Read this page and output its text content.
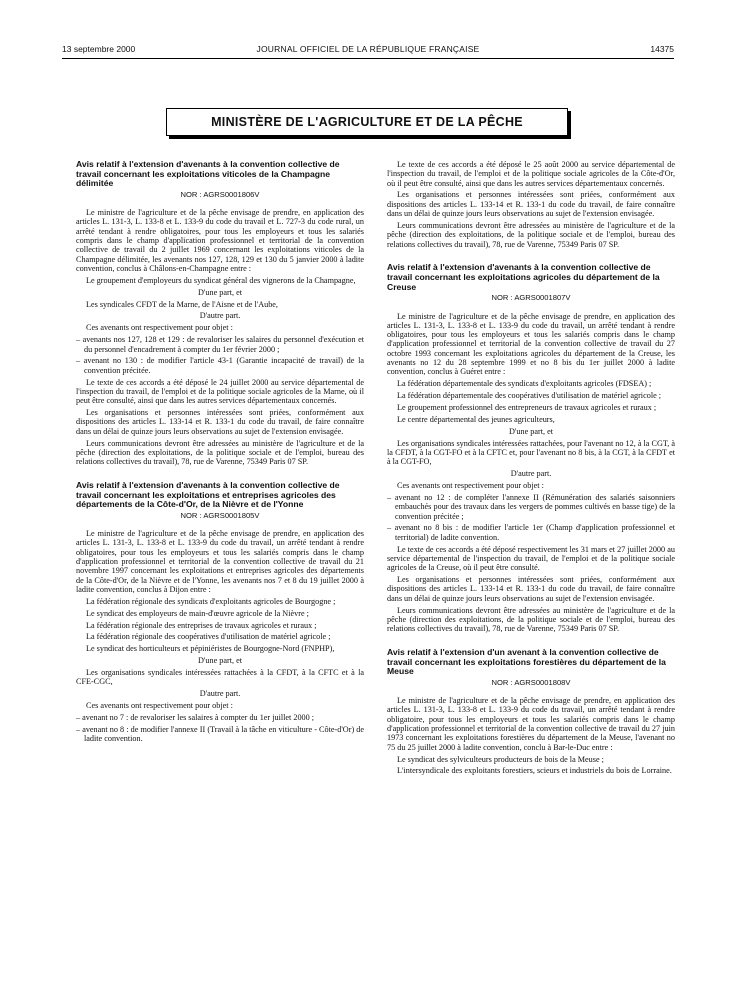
13 septembre 2000	JOURNAL OFFICIEL DE LA RÉPUBLIQUE FRANÇAISE	14375
MINISTÈRE DE L'AGRICULTURE ET DE LA PÊCHE
Avis relatif à l'extension d'avenants à la convention collective de travail concernant les exploitations viticoles de la Champagne délimitée
NOR : AGRS0001806V

Le ministre de l'agriculture et de la pêche envisage de prendre, en application des articles L. 131-3, L. 133-8 et L. 133-9 du code du travail et L. 727-3 du code rural, un arrêté tendant à rendre obligatoires, pour tous les employeurs et tous les salariés compris dans le champ d'application professionnel et territorial de la convention collective de travail du 2 juillet 1969 concernant les exploitations viticoles de la Champagne délimitée, les avenants nos 127, 128, 129 et 130 du 5 janvier 2000 à ladite convention, conclus à Châlons-en-Champagne entre :

Le groupement d'employeurs du syndicat général des vignerons de la Champagne,

D'une part, et

Les syndicales CFDT de la Marne, de l'Aisne et de l'Aube,

D'autre part.

Ces avenants ont respectivement pour objet :

– avenants nos 127, 128 et 129 : de revaloriser les salaires du personnel d'exécution et du personnel d'encadrement à compter du 1er février 2000 ;

– avenant no 130 : de modifier l'article 43-1 (Garantie incapacité de travail) de la convention précitée.

Le texte de ces accords a été déposé le 24 juillet 2000 au service départemental de l'inspection du travail, de l'emploi et de la politique sociale agricoles de la Marne, où il peut être consulté, ainsi que dans les autres services départementaux concernés.

Les organisations et personnes intéressées sont priées, conformément aux dispositions des articles L. 133-14 et R. 133-1 du code du travail, de faire connaître dans un délai de quinze jours leurs observations au sujet de l'extension envisagée.

Leurs communications devront être adressées au ministère de l'agriculture et de la pêche (direction des exploitations, de la politique sociale et de l'emploi, bureau des relations collectives du travail), 78, rue de Varenne, 75349 Paris 07 SP.

Avis relatif à l'extension d'avenants à la convention collective de travail concernant les exploitations et entreprises agricoles des départements de la Côte-d'Or, de la Nièvre et de l'Yonne
NOR : AGRS0001805V

Le ministre de l'agriculture et de la pêche envisage de prendre, en application des articles L. 131-3, L. 133-8 et L. 133-9 du code du travail, un arrêté tendant à rendre obligatoires, pour tous les employeurs et tous les salariés compris dans le champ d'application professionnel et territorial de la convention collective de travail du 21 novembre 1997 concernant les exploitations et entreprises agricoles des départements de la Côte-d'Or, de la Nièvre et de l'Yonne, les avenants nos 7 et 8 du 19 juillet 2000 à ladite convention, conclus à Dijon entre :

La fédération régionale des syndicats d'exploitants agricoles de Bourgogne ;

Le syndicat des employeurs de main-d'œuvre agricole de la Nièvre ;

La fédération régionale des entreprises de travaux agricoles et ruraux ;

La fédération régionale des coopératives d'utilisation de matériel agricole ;

Le syndicat des horticulteurs et pépiniéristes de Bourgogne-Nord (FNPHP),

D'une part, et

Les organisations syndicales intéressées rattachées à la CFDT, à la CFTC et à la CFE-CGC,

D'autre part.

Ces avenants ont respectivement pour objet :

– avenant no 7 : de revaloriser les salaires à compter du 1er juillet 2000 ;

– avenant no 8 : de modifier l'annexe II (Travail à la tâche en viticulture - Côte-d'Or) de ladite convention.

Le texte de ces accords a été déposé le 25 août 2000 au service départemental de l'inspection du travail, de l'emploi et de la politique sociale agricoles de la Côte-d'Or, où il peut être consulté, ainsi que dans les autres services départementaux concernés.

Les organisations et personnes intéressées sont priées, conformément aux dispositions des articles L. 133-14 et R. 133-1 du code du travail, de faire connaître dans un délai de quinze jours leurs observations au sujet de l'extension envisagée.

Leurs communications devront être adressées au ministère de l'agriculture et de la pêche (direction des exploitations, de la politique sociale et de l'emploi, bureau des relations collectives du travail), 78, rue de Varenne, 75349 Paris 07 SP.

Avis relatif à l'extension d'avenants à la convention collective de travail concernant les exploitations agricoles du département de la Creuse
NOR : AGRS0001807V

Le ministre de l'agriculture et de la pêche envisage de prendre, en application des articles L. 131-3, L. 133-8 et L. 133-9 du code du travail, un arrêté tendant à rendre obligatoires, pour tous les employeurs et tous les salariés compris dans le champ d'application professionnel et territorial de la convention collective de travail du 27 octobre 1993 concernant les exploitations agricoles du département de la Creuse, les avenants no 12 du 28 septembre 1999 et no 8 bis du 1er juillet 2000 à ladite convention, conclus à Guéret entre :

La fédération départementale des syndicats d'exploitants agricoles (FDSEA) ;

La fédération départementale des coopératives d'utilisation de matériel agricole ;

Le groupement professionnel des entrepreneurs de travaux agricoles et ruraux ;

Le centre départemental des jeunes agriculteurs,

D'une part, et

Les organisations syndicales intéressées rattachées, pour l'avenant no 12, à la CGT, à la CFDT, à la CGT-FO et à la CFTC et, pour l'avenant no 8 bis, à la CGT, à la CFDT et à la CGT-FO,

D'autre part.

Ces avenants ont respectivement pour objet :

– avenant no 12 : de compléter l'annexe II (Rémunération des salariés saisonniers embauchés pour des travaux dans les vergers de pommes cultivés en basse tige) de la convention précitée ;

– avenant no 8 bis : de modifier l'article 1er (Champ d'application professionnel et territorial) de ladite convention.

Le texte de ces accords a été déposé respectivement les 31 mars et 27 juillet 2000 au service départemental de l'inspection du travail, de l'emploi et de la politique sociale agricoles de la Creuse, où il peut être consulté.

Les organisations et personnes intéressées sont priées, conformément aux dispositions des articles L. 133-14 et R. 133-1 du code du travail, de faire connaître dans un délai de quinze jours leurs observations au sujet de l'extension envisagée.

Leurs communications devront être adressées au ministère de l'agriculture et de la pêche (direction des exploitations, de la politique sociale et de l'emploi, bureau des relations collectives du travail), 78, rue de Varenne, 75349 Paris 07 SP.

Avis relatif à l'extension d'un avenant à la convention collective de travail concernant les exploitations forestières du département de la Meuse
NOR : AGRS0001808V

Le ministre de l'agriculture et de la pêche envisage de prendre, en application des articles L. 131-3, L. 133-8 et L. 133-9 du code du travail, un arrêté tendant à rendre obligatoire, pour tous les employeurs et tous les salariés compris dans le champ d'application professionnel et territorial de la convention collective de travail du 27 juin 1973 concernant les exploitations forestières du département de la Meuse, l'avenant no 75 du 25 juillet 2000 à ladite convention, conclu à Bar-le-Duc entre :

Le syndicat des sylviculteurs producteurs de bois de la Meuse ;

L'intersyndicale des exploitants forestiers, scieurs et industriels du bois de Lorraine.
